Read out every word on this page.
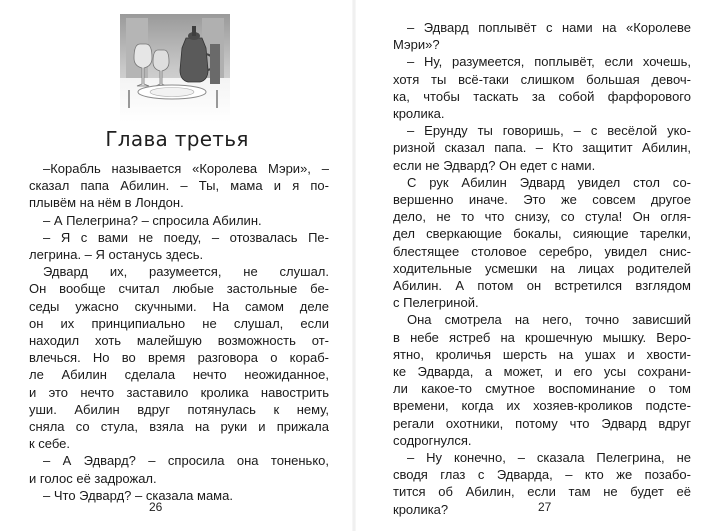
Глава третья
–Корабль называется «Королева Мэри», –
сказал папа Абилин. – Ты, мама и я по-
плывём на нём в Лондон.
– А Пелегрина? – спросила Абилин.
– Я с вами не поеду, – отозвалась Пе-
легрина. – Я останусь здесь.
Эдвард их, разумеется, не слушал.
Он вообще считал любые застольные бе-
седы ужасно скучными. На самом деле
он их принципиально не слушал, если
находил хоть малейшую возможность от-
влечься. Но во время разговора о кораб-
ле Абилин сделала нечто неожиданное,
и это нечто заставило кролика навострить
уши. Абилин вдруг потянулась к нему,
сняла со стула, взяла на руки и прижала
к себе.
– А Эдвард? – спросила она тоненько,
и голос её задрожал.
– Что Эдвард? – сказала мама.
26
– Эдвард поплывёт с нами на «Королеве
Мэри»?
– Ну, разумеется, поплывёт, если хочешь,
хотя ты всё-таки слишком большая девоч-
ка, чтобы таскать за собой фарфорового
кролика.
– Ерунду ты говоришь, – с весёлой уко-
ризной сказал папа. – Кто защитит Абилин,
если не Эдвард? Он едет с нами.
С рук Абилин Эдвард увидел стол со-
вершенно иначе. Это же совсем другое
дело, не то что снизу, со стула! Он огля-
дел сверкающие бокалы, сияющие тарелки,
блестящее столовое серебро, увидел снис-
ходительные усмешки на лицах родителей
Абилин. А потом он встретился взглядом
с Пелегриной.
Она смотрела на него, точно зависший
в небе ястреб на крошечную мышку. Веро-
ятно, кроличья шерсть на ушах и хвости-
ке Эдварда, а может, и его усы сохрани-
ли какое-то смутное воспоминание о том
времени, когда их хозяев-кроликов подсте-
регали охотники, потому что Эдвард вдруг
содрогнулся.
– Ну конечно, – сказала Пелегрина, не
сводя глаз с Эдварда, – кто же позабо-
тится об Абилин, если там не будет её
кролика?	27
